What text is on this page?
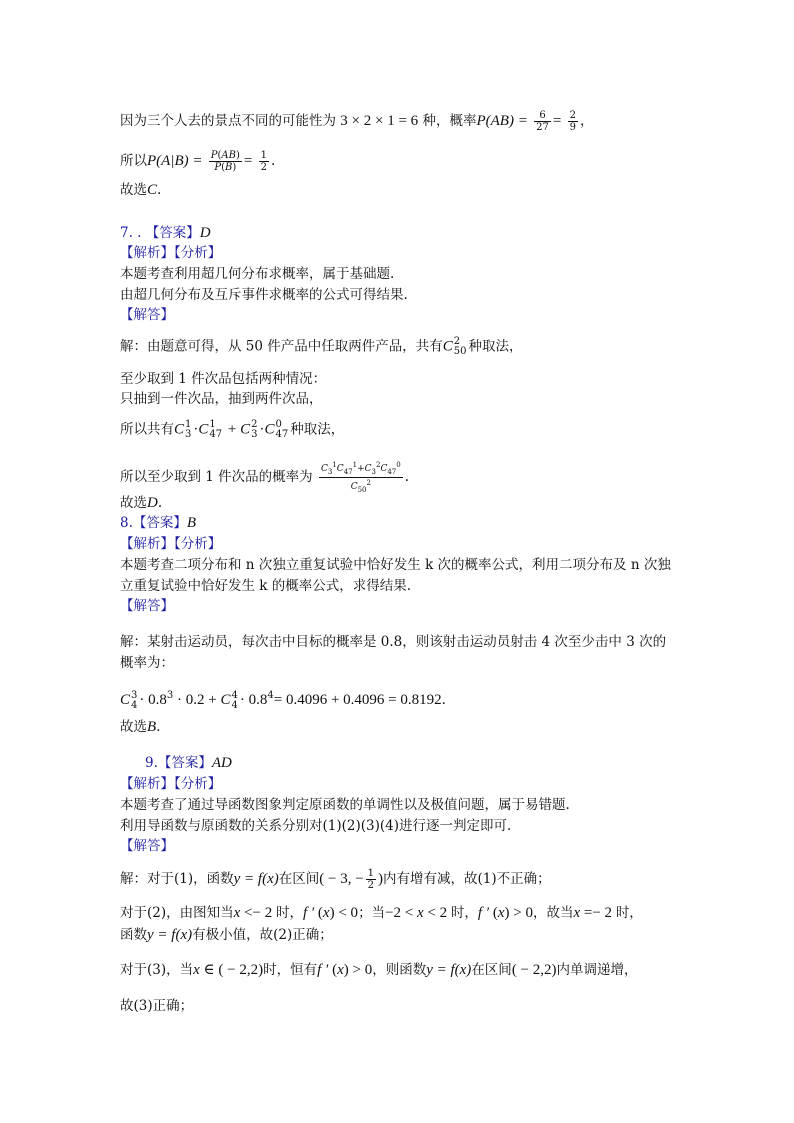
因为三个人去的景点不同的可能性为 3 × 2 × 1 = 6 种，概率$P(AB) = \frac{6}{27} = \frac{2}{9}$ ，
所以$P(A|B) = \frac{P(AB)}{P(B)} = \frac{1}{2}$ .
故选C.
7. . 【答案】D
【解析】【分析】
本题考查利用超几何分布求概率，属于基础题.
由超几何分布及互斥事件求概率的公式可得结果.
【解答】
解：由题意可得，从 50 件产品中任取两件产品，共有C 2
50 种取法，
至少取到 1 件次品包括两种情况：
只抽到一件次品，抽到两件次品，
所以共有C 1
3 ·C 1
47 + C 2
3 ·C 0
47 种取法，
所以至少取到 1 件次品的概率为 $\frac{C_3^1C_{47}^1+C_3^2C_{47}^0}{C_{50}^2}$ .
故选D.
8.【答案】B
【解析】【分析】
本题考查二项分布和 n 次独立重复试验中恰好发生 k 次的概率公式，利用二项分布及 n 次独
立重复试验中恰好发生 k 的概率公式，求得结果.
【解答】
解：某射击运动员，每次击中目标的概率是 0.8，则该射击运动员射击 4 次至少击中 3 次的
概率为：
C 3
$4 \cdot 0.8^3 \cdot 0.2 + C$ 4
$4 \cdot 0.8^4= 0.4096 + 0.4096 = 0.8192$.
故选B.
9.【答案】AD
【解析】【分析】
本题考查了通过导函数图象判定原函数的单调性以及极值问题，属于易错题.
利用导函数与原函数的关系分别对(1)(2)(3)(4)进行逐一判定即可.
【解答】
解：对于(1)，函数y = f(x)在区间( − 3, − $\frac{1}{2}$ )内有增有减，故(1)不正确；
对于(2)，由图知当x <− 2 时，f ′ (x) < 0；当−2 < x < 2 时，f ′ (x) > 0，故当x =− 2 时，
函数y = f(x)有极小值，故(2)正确；
对于(3)，当x ∈ ( − 2,2)时，恒有f ′ (x) > 0，则函数y = f(x)在区间( − 2,2)内单调递增，
故(3)正确；
